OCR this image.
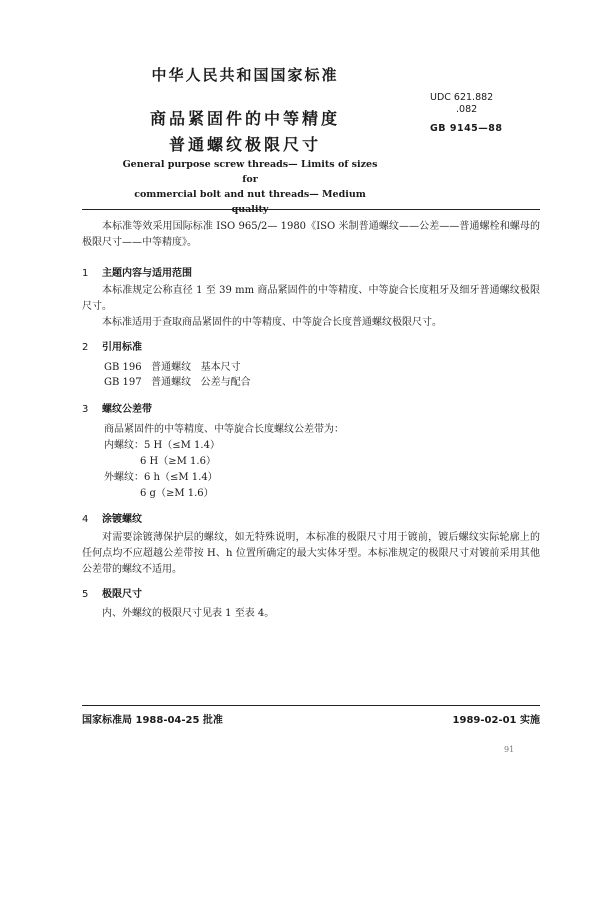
中华人民共和国国家标准
UDC 621.882
.082
GB 9145—88
商品紧固件的中等精度
普通螺纹极限尺寸
General purpose screw threads— Limits of sizes for
commercial bolt and nut threads— Medium quality
本标准等效采用国际标准 ISO 965/2— 1980《ISO 米制普通螺纹——公差——普通螺栓和螺母的极限尺寸——中等精度》。
1 主题内容与适用范围
本标准规定公称直径 1 至 39 mm 商品紧固件的中等精度、中等旋合长度粗牙及细牙普通螺纹极限尺寸。
本标准适用于查取商品紧固件的中等精度、中等旋合长度普通螺纹极限尺寸。
2 引用标准
GB 196   普通螺纹   基本尺寸
GB 197   普通螺纹   公差与配合
3 螺纹公差带
商品紧固件的中等精度、中等旋合长度螺纹公差带为：
内螺纹：5 H（≤M 1.4）
6 H（≥M 1.6）
外螺纹：6 h（≤M 1.4）
6 g（≥M 1.6）
4 涂镀螺纹
对需要涂镀薄保护层的螺纹，如无特殊说明，本标准的极限尺寸用于镀前，镀后螺纹实际轮廓上的任何点均不应超越公差带按 H、h 位置所确定的最大实体牙型。本标准规定的极限尺寸对镀前采用其他公差带的螺纹不适用。
5 极限尺寸
内、外螺纹的极限尺寸见表 1 至表 4。
国家标准局 1988-04-25 批准	1989-02-01 实施
91
